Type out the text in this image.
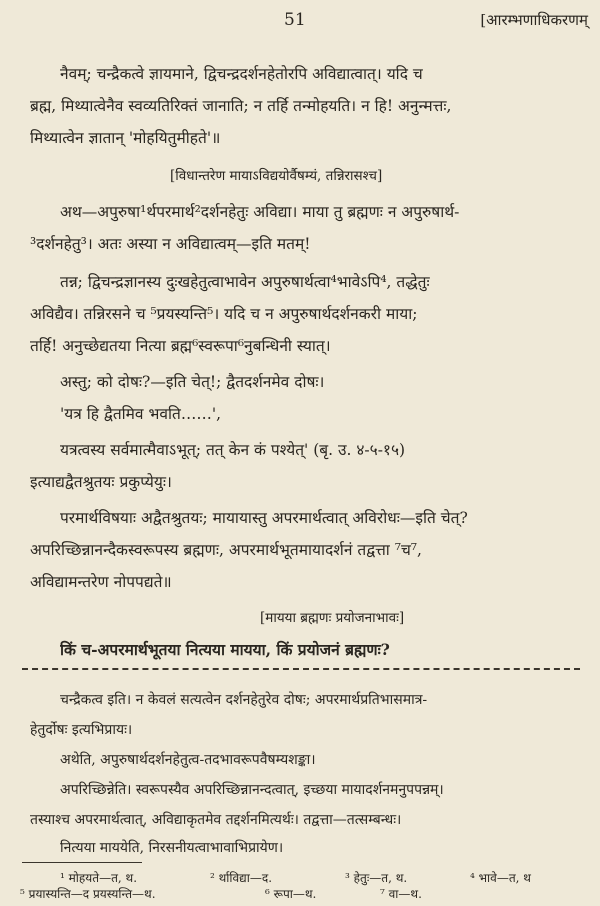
51	[आरम्भणाधिकरणम्
नैवम्; चन्द्रैकत्वे ज्ञायमाने, द्विचन्द्रदर्शनहेतोरपि अविद्यात्वात्। यदि च
ब्रह्म, मिथ्यात्वेनैव स्वव्यतिरिक्तं जानाति; न तर्हि तन्मोहयति। न हि! अनुन्मत्तः,
मिथ्यात्वेन ज्ञातान् 'मोहयितुमीहते'॥
[विधान्तरेण मायाऽविद्ययोर्वैषम्यं, तन्निरासश्च]
अथ—अपुरुषा¹र्थपरमार्थ²दर्शनहेतुः अविद्या। माया तु ब्रह्मणः न अपुरुषार्थ-
³दर्शनहेतु³। अतः अस्या न अविद्यात्वम्—इति मतम्!
तन्न; द्विचन्द्रज्ञानस्य दुःखहेतुत्वाभावेन अपुरुषार्थत्वा⁴भावेऽपि⁴, तद्धेतुः
अविद्यैव। तन्निरसने च ⁵प्रयस्यन्ति⁵। यदि च न अपुरुषार्थदर्शनकरी माया;
तर्हि! अनुच्छेद्यतया नित्या ब्रह्म⁶स्वरूपा⁶नुबन्धिनी स्यात्।
अस्तु; को दोषः?—इति चेत्!; द्वैतदर्शनमेव दोषः।
'यत्र हि द्वैतमिव भवति……',
यत्रत्वस्य सर्वमात्मैवाऽभूत्; तत् केन कं पश्येत्' (बृ. उ. ४-५-१५)
इत्याद्यद्वैतश्रुतयः प्रकुप्येयुः।
परमार्थविषयाः अद्वैतश्रुतयः; मायायास्तु अपरमार्थत्वात् अविरोधः—इति चेत्?
अपरिच्छिन्नानन्दैकस्वरूपस्य ब्रह्मणः, अपरमार्थभूतमायादर्शनं तद्वत्ता ⁷च⁷,
अविद्यामन्तरेण नोपपद्यते॥
[मायया ब्रह्मणः प्रयोजनाभावः]
किं च-अपरमार्थभूतया नित्यया मायया, किं प्रयोजनं ब्रह्मणः?
चन्द्रैकत्व इति। न केवलं सत्यत्वेन दर्शनहेतुरेव दोषः; अपरमार्थप्रतिभासमात्र-
हेतुर्दोषः इत्यभिप्रायः।
अथेति, अपुरुषार्थदर्शनहेतुत्व-तदभावरूपवैषम्यशङ्का।
अपरिच्छिन्नेति। स्वरूपस्यैव अपरिच्छिन्नानन्दत्वात्, इच्छया मायादर्शनमनुपपन्नम्।
तस्याश्च अपरमार्थत्वात्, अविद्याकृतमेव तद्दर्शनमित्यर्थः। तद्वत्ता—तत्सम्बन्धः।
नित्यया माययेति, निरसनीयत्वाभावाभिप्रायेण।
¹ मोहयते—त, थ.	² र्थाविद्या—द.	³ हेतुः—त, थ.	⁴ भावे—त, थ
⁵ प्रयास्यन्ति—द प्रयस्यन्ति—थ.	⁶ रूपा—थ.	⁷ वा—थ.
